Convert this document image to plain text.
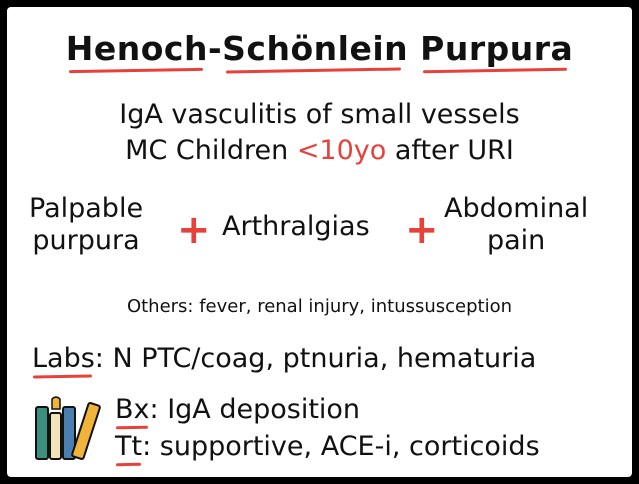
Henoch-Schönlein Purpura
IgA vasculitis of small vessels
MC Children <10yo after URI
Palpable
purpura + Arthralgias + Abdominal
pain
Others: fever, renal injury, intussusception
Labs: N PTC/coag, ptnuria, hematuria
Bx: IgA deposition
Tt: supportive, ACE-i, corticoids
